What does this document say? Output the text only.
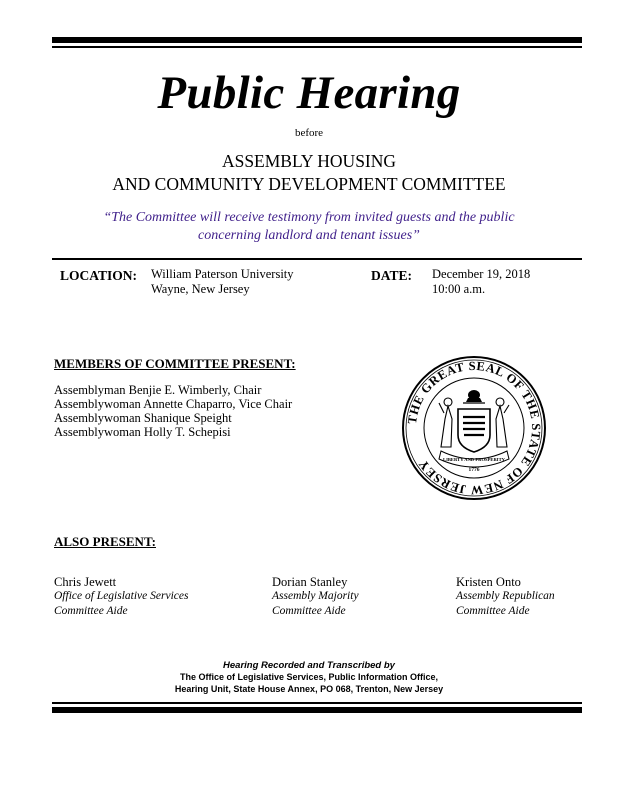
Public Hearing
before
ASSEMBLY HOUSING
AND COMMUNITY DEVELOPMENT COMMITTEE
“The Committee will receive testimony from invited guests and the public
concerning landlord and tenant issues”
LOCATION: William Paterson University
Wayne, New Jersey
DATE: December 19, 2018
10:00 a.m.
MEMBERS OF COMMITTEE PRESENT:
Assemblyman Benjie E. Wimberly, Chair
Assemblywoman Annette Chaparro, Vice Chair
Assemblywoman Shanique Speight
Assemblywoman Holly T. Schepisi
THE GREAT SEAL OF THE STATE OF NEW JERSEY	LIBERTY AND PROSPERITY
1776
ALSO PRESENT:
Chris Jewett
Office of Legislative Services
Committee Aide
Dorian Stanley
Assembly Majority
Committee Aide
Kristen Onto
Assembly Republican
Committee Aide
Hearing Recorded and Transcribed by
The Office of Legislative Services, Public Information Office,
Hearing Unit, State House Annex, PO 068, Trenton, New Jersey
